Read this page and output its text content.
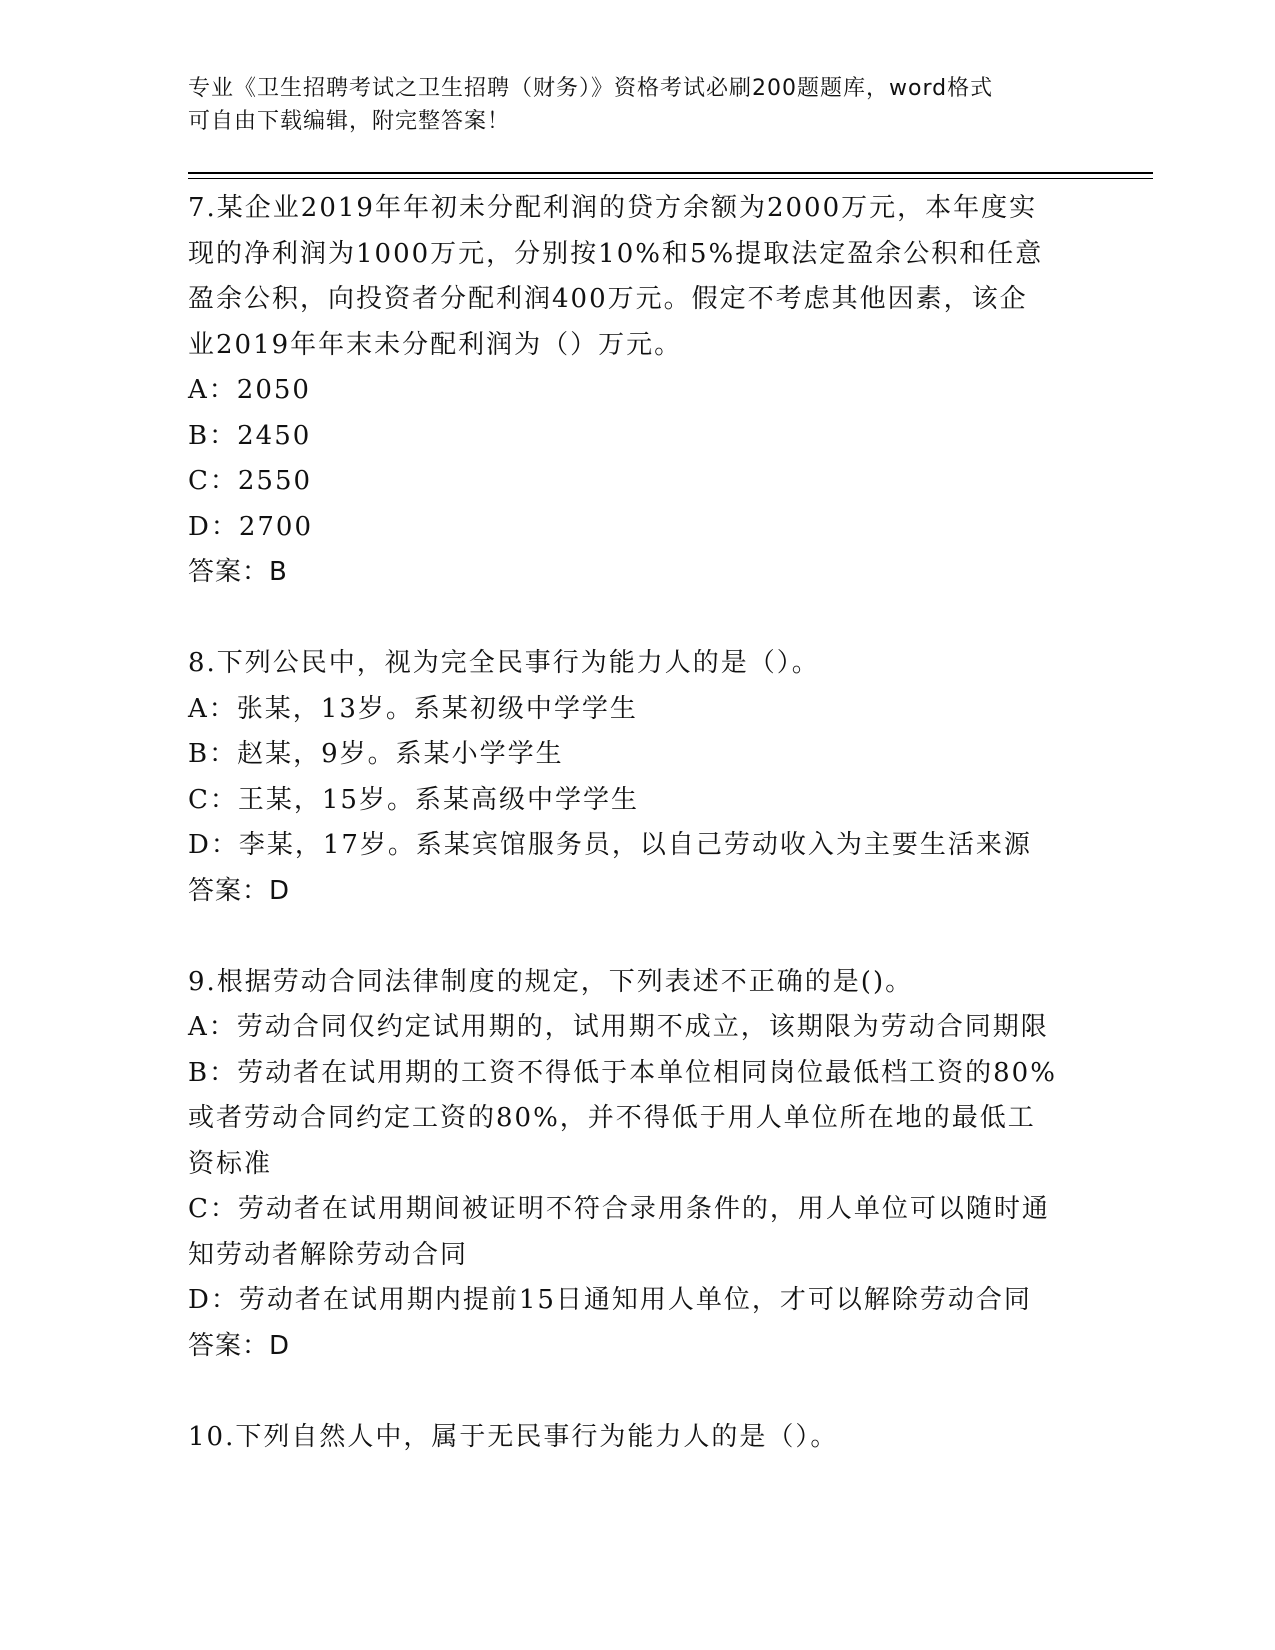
专业《卫生招聘考试之卫生招聘（财务）》资格考试必刷200题题库，word格式
可自由下载编辑，附完整答案！
7.某企业2019年年初未分配利润的贷方余额为2000万元，本年度实
现的净利润为1000万元，分别按10%和5%提取法定盈余公积和任意
盈余公积，向投资者分配利润400万元。假定不考虑其他因素，该企
业2019年年末未分配利润为（）万元。
A：2050
B：2450
C：2550
D：2700
答案：B
8.下列公民中，视为完全民事行为能力人的是（）。
A：张某，13岁。系某初级中学学生
B：赵某，9岁。系某小学学生
C：王某，15岁。系某高级中学学生
D：李某，17岁。系某宾馆服务员，以自己劳动收入为主要生活来源
答案：D
9.根据劳动合同法律制度的规定，下列表述不正确的是()。
A：劳动合同仅约定试用期的，试用期不成立，该期限为劳动合同期限
B：劳动者在试用期的工资不得低于本单位相同岗位最低档工资的80%
或者劳动合同约定工资的80%，并不得低于用人单位所在地的最低工
资标准
C：劳动者在试用期间被证明不符合录用条件的，用人单位可以随时通
知劳动者解除劳动合同
D：劳动者在试用期内提前15日通知用人单位，才可以解除劳动合同
答案：D
10.下列自然人中，属于无民事行为能力人的是（）。
